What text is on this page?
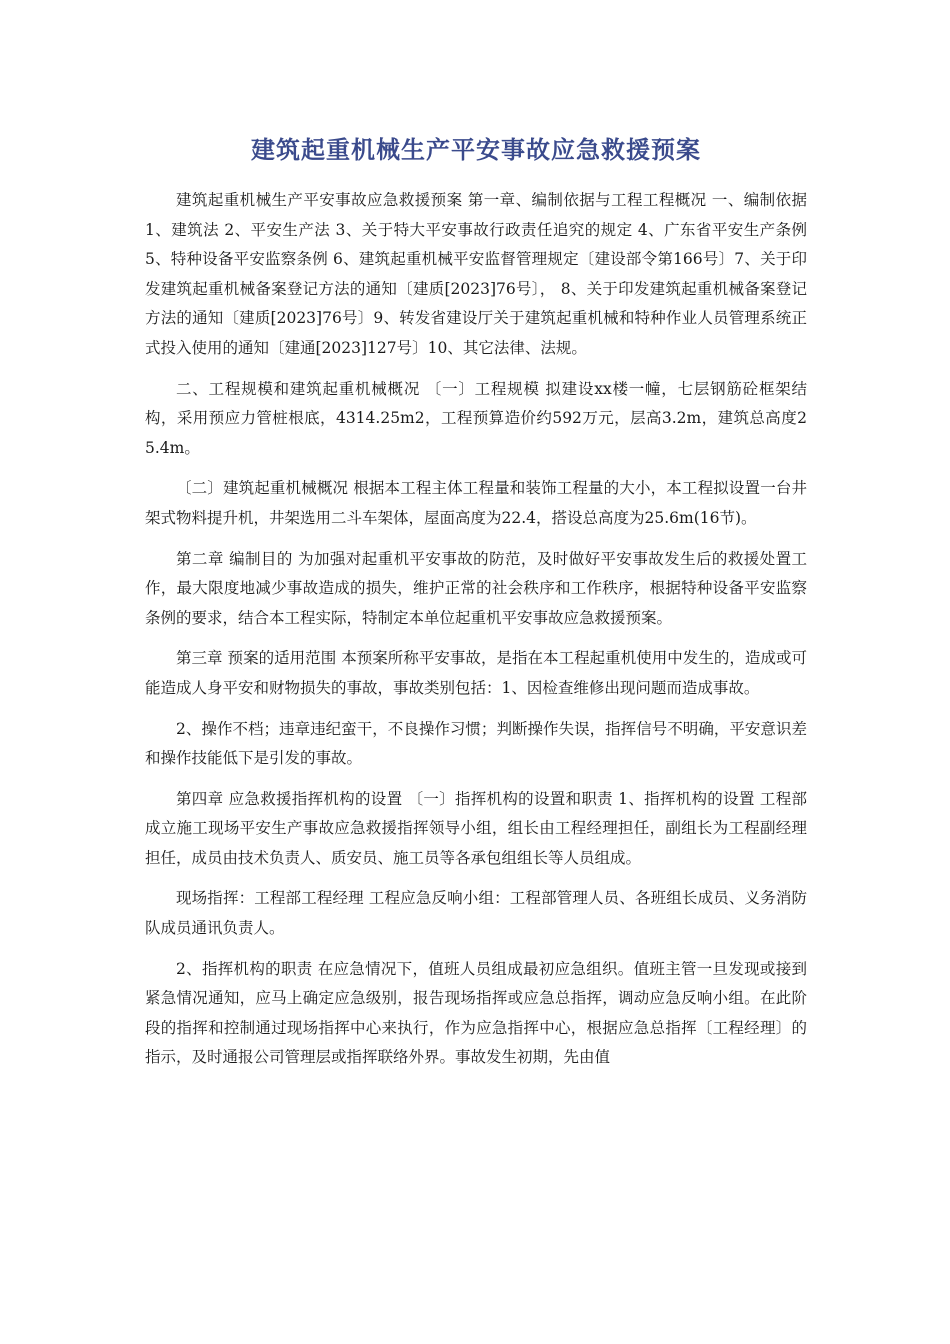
建筑起重机械生产平安事故应急救援预案

建筑起重机械生产平安事故应急救援预案 第一章、编制依据与工程工程概况 一、编制依据 1、建筑法 2、平安生产法 3、关于特大平安事故行政责任追究的规定 4、广东省平安生产条例 5、特种设备平安监察条例 6、建筑起重机械平安监督管理规定〔建设部令第166号〕7、关于印发建筑起重机械备案登记方法的通知〔建质[2023]76号〕， 8、关于印发建筑起重机械备案登记方法的通知〔建质[2023]76号〕9、转发省建设厅关于建筑起重机械和特种作业人员管理系统正式投入使用的通知〔建通[2023]127号〕10、其它法律、法规。

二、工程规模和建筑起重机械概况 〔一〕工程规模 拟建设xx楼一幢，七层钢筋砼框架结构，采用预应力管桩根底，4314.25m2，工程预算造价约592万元，层高3.2m，建筑总高度25.4m。

〔二〕建筑起重机械概况 根据本工程主体工程量和装饰工程量的大小，本工程拟设置一台井架式物料提升机，井架选用二斗车架体，屋面高度为22.4，搭设总高度为25.6m(16节)。

第二章 编制目的 为加强对起重机平安事故的防范，及时做好平安事故发生后的救援处置工作，最大限度地减少事故造成的损失，维护正常的社会秩序和工作秩序，根据特种设备平安监察条例的要求，结合本工程实际，特制定本单位起重机平安事故应急救援预案。

第三章 预案的适用范围 本预案所称平安事故，是指在本工程起重机使用中发生的，造成或可能造成人身平安和财物损失的事故，事故类别包括：1、因检查维修出现问题而造成事故。

2、操作不档；违章违纪蛮干，不良操作习惯；判断操作失误，指挥信号不明确，平安意识差和操作技能低下是引发的事故。

第四章 应急救援指挥机构的设置 〔一〕指挥机构的设置和职责 1、指挥机构的设置 工程部成立施工现场平安生产事故应急救援指挥领导小组，组长由工程经理担任，副组长为工程副经理担任，成员由技术负责人、质安员、施工员等各承包组组长等人员组成。

现场指挥：工程部工程经理 工程应急反响小组：工程部管理人员、各班组长成员、义务消防队成员通讯负责人。

2、指挥机构的职责 在应急情况下，值班人员组成最初应急组织。值班主管一旦发现或接到紧急情况通知，应马上确定应急级别，报告现场指挥或应急总指挥，调动应急反响小组。在此阶段的指挥和控制通过现场指挥中心来执行，作为应急指挥中心，根据应急总指挥〔工程经理〕的指示，及时通报公司管理层或指挥联络外界。事故发生初期，先由值
